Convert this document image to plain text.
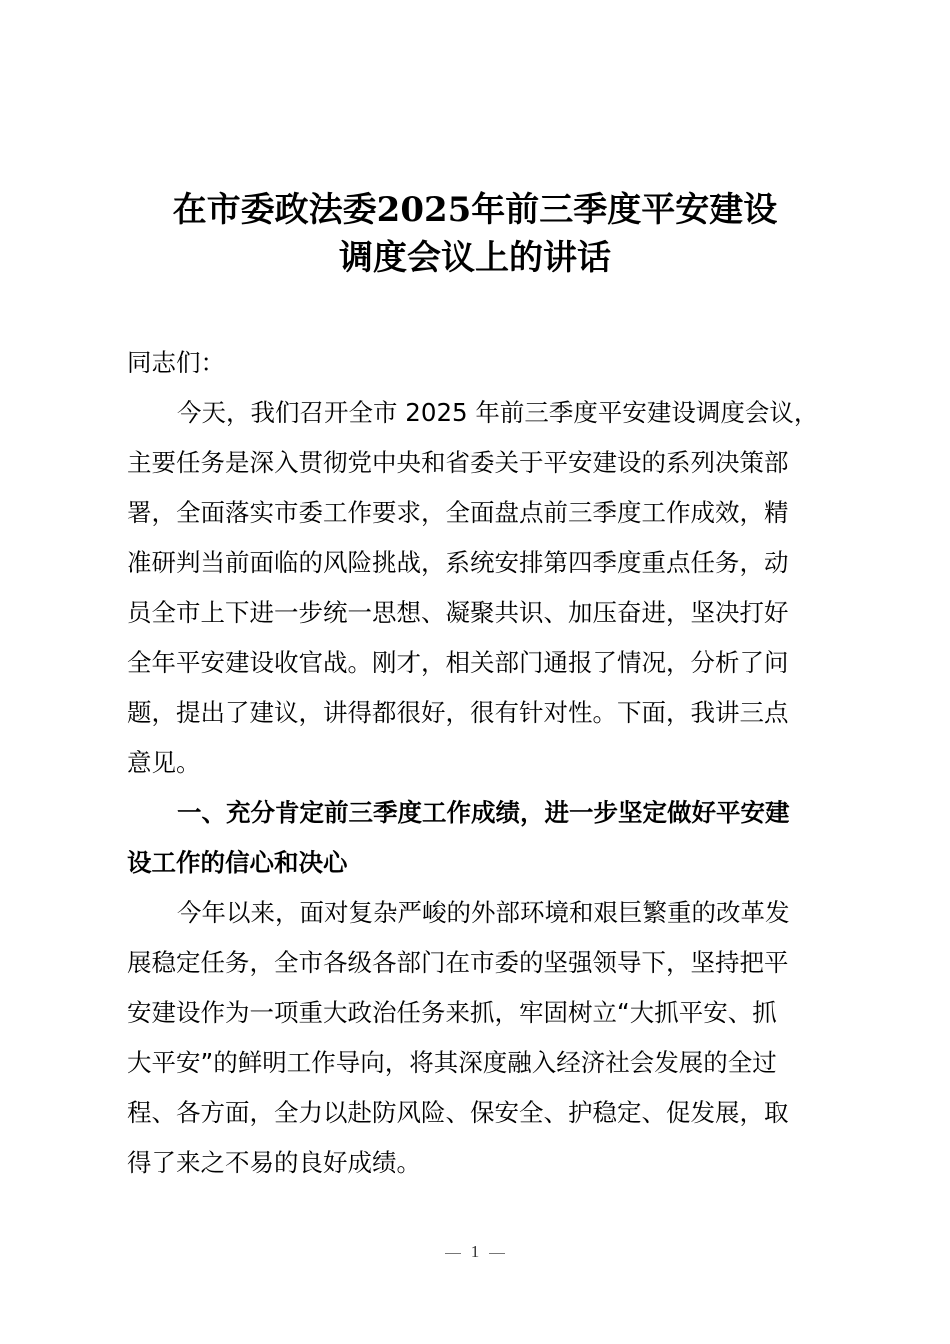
在市委政法委2025年前三季度平安建设
调度会议上的讲话
同志们：
今天，我们召开全市 2025 年前三季度平安建设调度会议，
主要任务是深入贯彻党中央和省委关于平安建设的系列决策部
署，全面落实市委工作要求，全面盘点前三季度工作成效，精
准研判当前面临的风险挑战，系统安排第四季度重点任务，动
员全市上下进一步统一思想、凝聚共识、加压奋进，坚决打好
全年平安建设收官战。刚才，相关部门通报了情况，分析了问
题，提出了建议，讲得都很好，很有针对性。下面，我讲三点
意见。
一、充分肯定前三季度工作成绩，进一步坚定做好平安建
设工作的信心和决心
今年以来，面对复杂严峻的外部环境和艰巨繁重的改革发
展稳定任务，全市各级各部门在市委的坚强领导下，坚持把平
安建设作为一项重大政治任务来抓，牢固树立“大抓平安、抓
大平安”的鲜明工作导向，将其深度融入经济社会发展的全过
程、各方面，全力以赴防风险、保安全、护稳定、促发展，取
得了来之不易的良好成绩。
1
